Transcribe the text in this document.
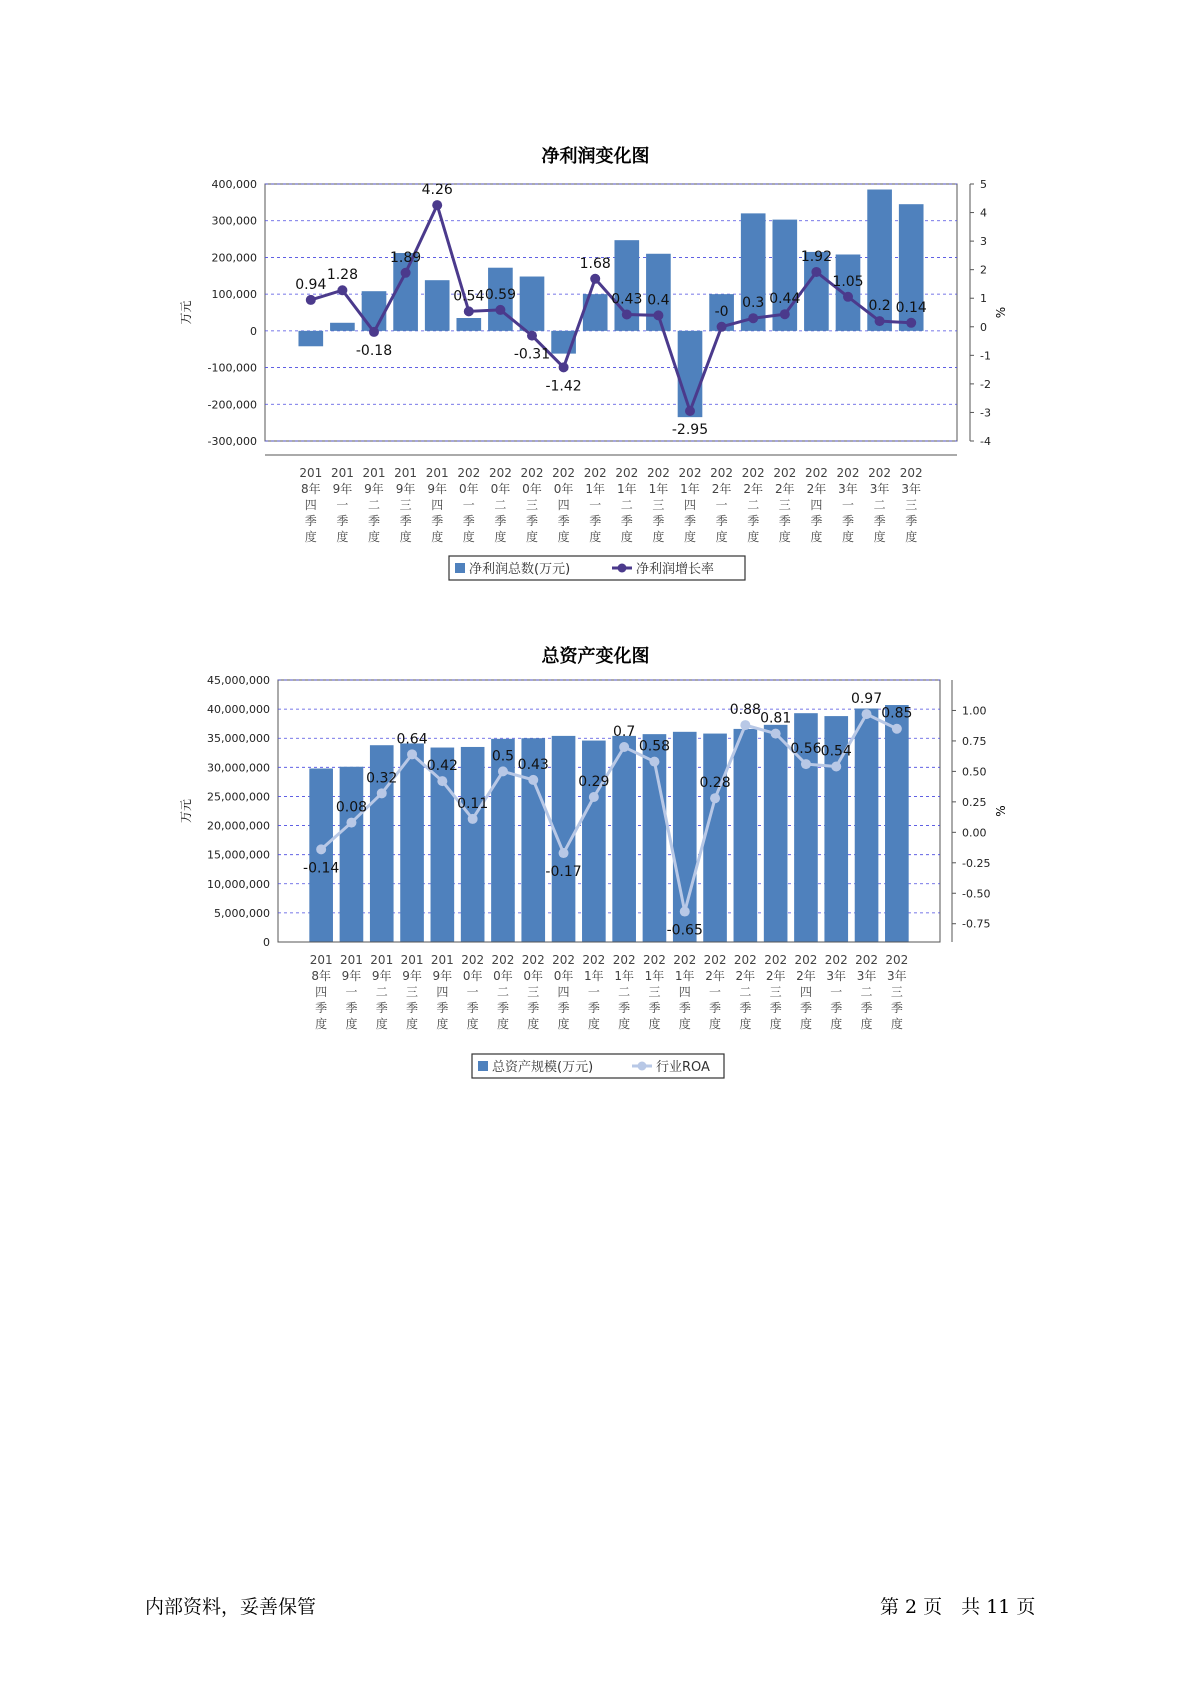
净利润变化图
400,000
300,000
200,000
100,000
0
-100,000
-200,000
-300,000
5
4
3
2
1
0
-1
-2
-3
-4
万元	%
201 8年四季度
201 9年一季度
201 9年二季度
201 9年三季度
201 9年四季度
202 0年一季度
202 0年二季度
202 0年三季度
202 0年四季度
202 1年一季度
202 1年二季度
202 1年三季度
202 1年四季度
202 2年一季度
202 2年二季度
202 2年三季度
202 2年四季度
202 3年一季度
202 3年二季度
202 3年三季度
0.94
1.28
-0.18
1.89
4.26
0.54 0.59
-0.31
-1.42
1.68
0.43 0.4
-2.95
-0
0.3 0.44
1.92
1.05
0.2 0.14
净利润总数(万元)	净利润增长率
总资产变化图
45,000,000
40,000,000
35,000,000
30,000,000
25,000,000
20,000,000
15,000,000
10,000,000
5,000,000
0
1.00
0.75
0.50
0.25
0.00
-0.25
-0.50
-0.75
万元	%
201 8年四季度
201 9年一季度
201 9年二季度
201 9年三季度
201 9年四季度
202 0年一季度
202 0年二季度
202 0年三季度
202 0年四季度
202 1年一季度
202 1年二季度
202 1年三季度
202 1年四季度
202 2年一季度
202 2年二季度
202 2年三季度
202 2年四季度
202 3年一季度
202 3年二季度
202 3年三季度
-0.14
0.08
0.32
0.64
0.42
0.11
0.5
0.43
-0.17
0.29
0.7
0.58
-0.65
0.28
0.88
0.81
0.56 0.54
0.97
0.85
总资产规模(万元)	行业ROA
内部资料，妥善保管	第 2 页　共 11 页
